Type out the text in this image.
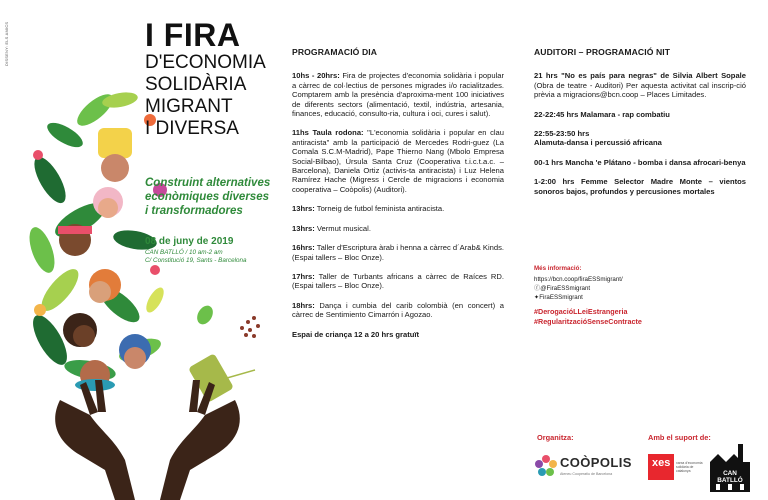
DISSENY: ELS AMICS	I FIRA
D'ECONOMIA
SOLIDÀRIA
MIGRANT
I DIVERSA
Construint alternatives
econòmiques diverses
i transformadores
08 de juny de 2019
CAN BATLLÓ / 10 am-2 am
C/ Constitució 19, Sants - Barcelona
PROGRAMACIÓ DIA
10hs - 20hrs: Fira de projectes d'economia solidària i popular a càrrec de col·lectius de persones migrades i/o racialitzades. Comptarem amb la presència d'aproxima-ment 100 iniciatives de diferents sectors (alimentació, textil, indústria, artesania, finances, educació, consulto-ria, cultura i oci, cures i salut).
11hs Taula rodona: "L'economia solidària i popular en clau antiracista" amb la participació de Mercedes Rodri-guez (La Comala S.C.M-Madrid), Pape Thierno Nang (Mbolo Empresa Social-Bilbao), Úrsula Santa Cruz (Cooperativa t.i.c.t.a.c. –Barcelona), Daniela Ortiz (activis-ta antiracista) i Luz Helena Ramírez Hache (Migress i Cercle de migracions i economia cooperativa – Coòpolis) (Auditori).
13hrs: Torneig de futbol feminista antiracista.
13hrs: Vermut musical.
16hrs: Taller d'Escriptura àrab i henna a càrrec d´Arab& Kinds. (Espai tallers – Bloc Onze).
17hrs: Taller de Turbants africans a càrrec de Raíces RD. (Espai tallers – Bloc Onze).
18hrs: Dança i cumbia del carib colombià (en concert) a càrrec de Sentimiento Cimarrón i Agozao.
Espai de criança 12 a 20 hrs gratuït
AUDITORI – PROGRAMACIÓ NIT
21 hrs "No es país para negras" de Silvia Albert Sopale (Obra de teatre - Auditori) Per aquesta activitat cal inscrip-ció prèvia a migracions@bcn.coop – Places Limitades.
22-22:45 hrs Malamara - rap combatiu
22:55-23:50 hrs
Alamuta-dansa i percussió africana
00-1 hrs Mancha 'e Plátano - bomba i dansa afrocari-benya
1-2:00 hrs Femme Selector Madre Monte – vientos sonoros bajos, profundos y percusiones mortales
Més informació:
https://bcn.coop/firaESSmigrant/
ⓕ@FiraESSmigrant
✦FiraESSmigrant
#DerogacióLLeiEstrangeria
#RegularitzacióSenseContracte
Organitza:	Amb el suport de:
COÒPOLIS
Ateneu Cooperatiu de Barcelona
xes xarxa d'economia solidària de catalunya	CAN BATLLÓ
